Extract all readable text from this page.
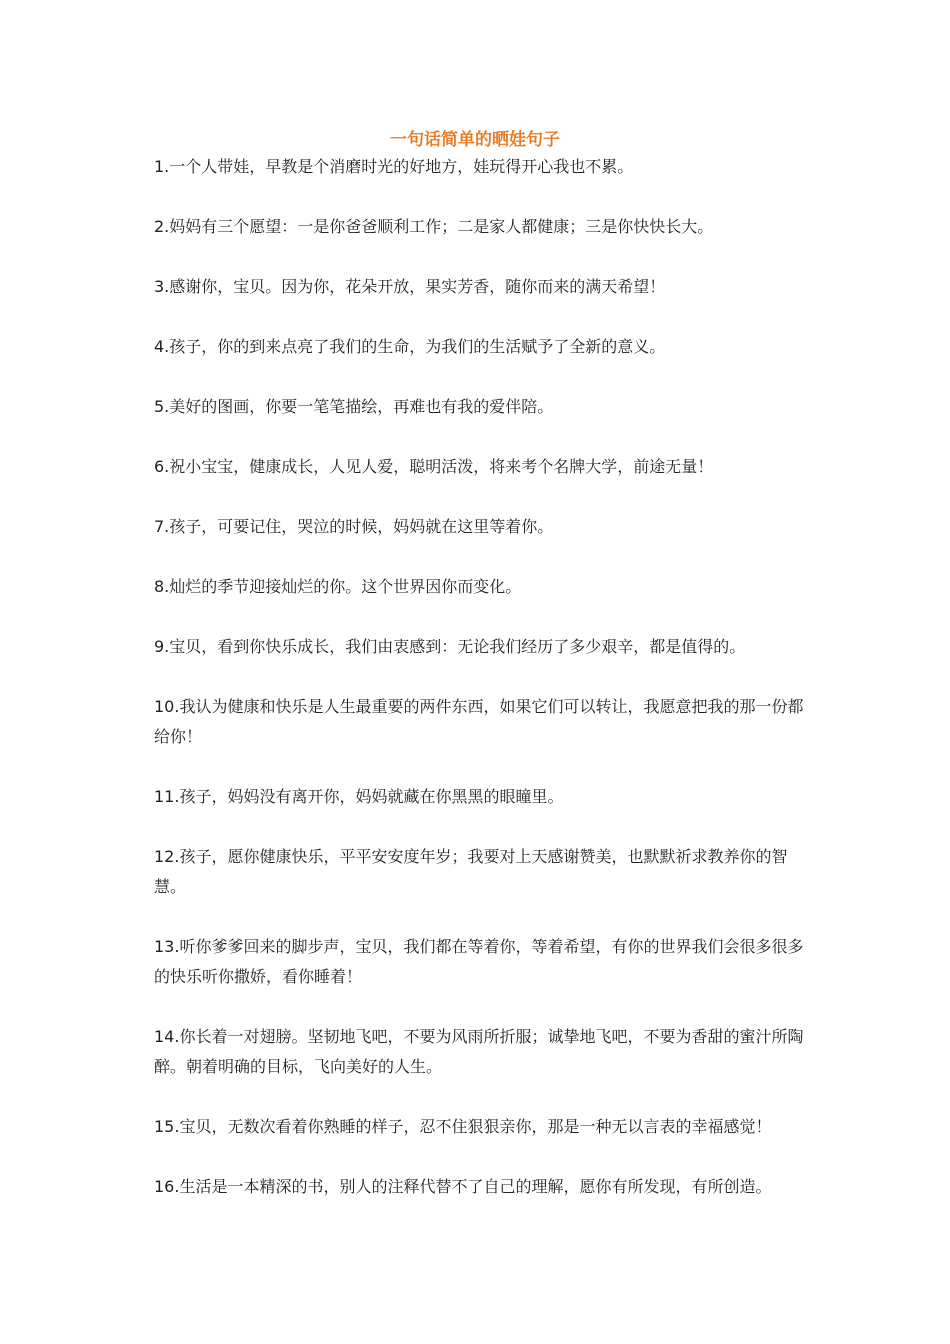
一句话简单的晒娃句子
1.一个人带娃，早教是个消磨时光的好地方，娃玩得开心我也不累。
2.妈妈有三个愿望：一是你爸爸顺利工作；二是家人都健康；三是你快快长大。
3.感谢你，宝贝。因为你，花朵开放，果实芳香，随你而来的满天希望！
4.孩子，你的到来点亮了我们的生命，为我们的生活赋予了全新的意义。
5.美好的图画，你要一笔笔描绘，再难也有我的爱伴陪。
6.祝小宝宝，健康成长，人见人爱，聪明活泼，将来考个名牌大学，前途无量！
7.孩子，可要记住，哭泣的时候，妈妈就在这里等着你。
8.灿烂的季节迎接灿烂的你。这个世界因你而变化。
9.宝贝，看到你快乐成长，我们由衷感到：无论我们经历了多少艰辛，都是值得的。
10.我认为健康和快乐是人生最重要的两件东西，如果它们可以转让，我愿意把我的那一份都给你！
11.孩子，妈妈没有离开你，妈妈就藏在你黑黑的眼瞳里。
12.孩子，愿你健康快乐，平平安安度年岁；我要对上天感谢赞美，也默默祈求教养你的智慧。
13.听你爹爹回来的脚步声，宝贝，我们都在等着你，等着希望，有你的世界我们会很多很多的快乐听你撒娇，看你睡着！
14.你长着一对翅膀。坚韧地飞吧，不要为风雨所折服；诚挚地飞吧，不要为香甜的蜜汁所陶醉。朝着明确的目标，飞向美好的人生。
15.宝贝，无数次看着你熟睡的样子，忍不住狠狠亲你，那是一种无以言表的幸福感觉！
16.生活是一本精深的书，别人的注释代替不了自己的理解，愿你有所发现，有所创造。
